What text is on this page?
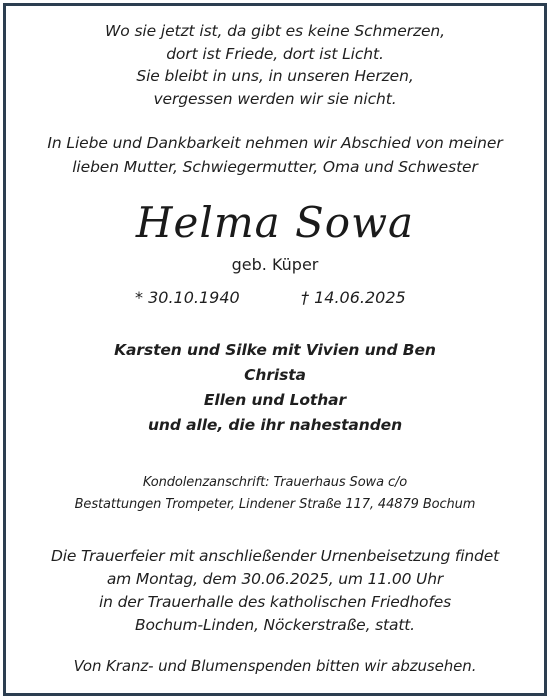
Wo sie jetzt ist, da gibt es keine Schmerzen,
dort ist Friede, dort ist Licht.
Sie bleibt in uns, in unseren Herzen,
vergessen werden wir sie nicht.
In Liebe und Dankbarkeit nehmen wir Abschied von meiner
lieben Mutter, Schwiegermutter, Oma und Schwester
Helma Sowa
geb. Küper
* 30.10.1940	† 14.06.2025
Karsten und Silke mit Vivien und Ben
Christa
Ellen und Lothar
und alle, die ihr nahestanden
Kondolenzanschrift: Trauerhaus Sowa c/o
Bestattungen Trompeter, Lindener Straße 117, 44879 Bochum
Die Trauerfeier mit anschließender Urnenbeisetzung findet
am Montag, dem 30.06.2025, um 11.00 Uhr
in der Trauerhalle des katholischen Friedhofes
Bochum-Linden, Nöckerstraße, statt.
Von Kranz- und Blumenspenden bitten wir abzusehen.
